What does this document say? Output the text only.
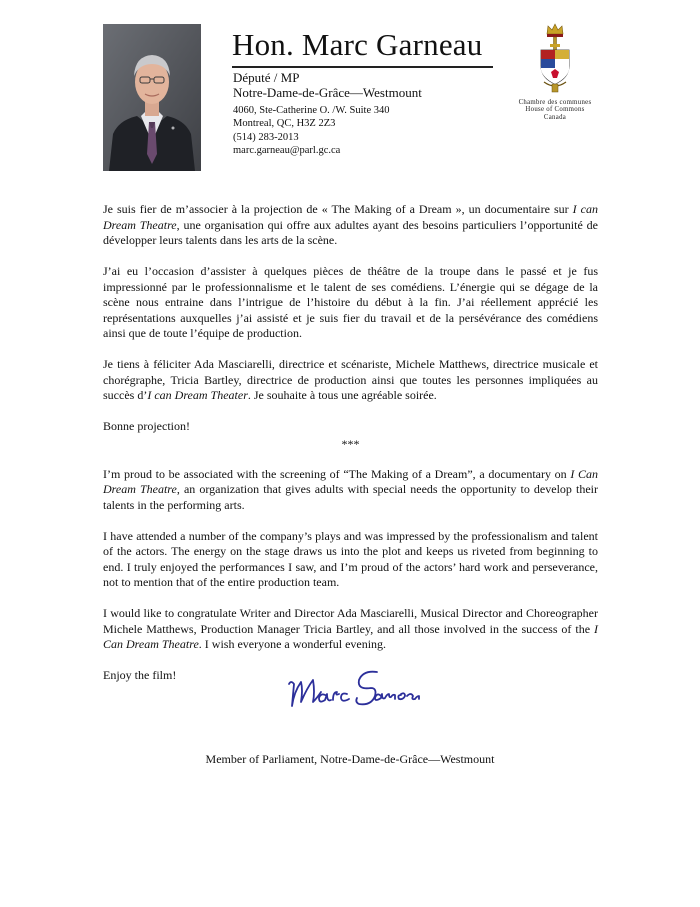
Hon. Marc Garneau
Député / MP
Notre-Dame-de-Grâce—Westmount
4060, Ste-Catherine O. /W. Suite 340
Montreal, QC, H3Z 2Z3
(514) 283-2013
marc.garneau@parl.gc.ca
Chambre des communes
House of Commons
Canada

Je suis fier de m’associer à la projection de « The Making of a Dream », un documentaire sur I can Dream Theatre, une organisation qui offre aux adultes ayant des besoins particuliers l’opportunité de développer leurs talents dans les arts de la scène.

J’ai eu l’occasion d’assister à quelques pièces de théâtre de la troupe dans le passé et je fus impressionné par le professionnalisme et le talent de ses comédiens. L’énergie qui se dégage de la scène nous entraine dans l’intrigue de l’histoire du début à la fin. J’ai réellement apprécié les représentations auxquelles j’ai assisté et je suis fier du travail et de la persévérance des comédiens ainsi que de toute l’équipe de production.

Je tiens à féliciter Ada Masciarelli, directrice et scénariste, Michele Matthews, directrice musicale et chorégraphe, Tricia Bartley, directrice de production ainsi que toutes les personnes impliquées au succès d’I can Dream Theater. Je souhaite à tous une agréable soirée.

Bonne projection!

***

I’m proud to be associated with the screening of “The Making of a Dream”, a documentary on I Can Dream Theatre, an organization that gives adults with special needs the opportunity to develop their talents in the performing arts.

I have attended a number of the company’s plays and was impressed by the professionalism and talent of the actors. The energy on the stage draws us into the plot and keeps us riveted from beginning to end. I truly enjoyed the performances I saw, and I’m proud of the actors’ hard work and perseverance, not to mention that of the entire production team.

I would like to congratulate Writer and Director Ada Masciarelli, Musical Director and Choreographer Michele Matthews, Production Manager Tricia Bartley, and all those involved in the success of the I Can Dream Theatre. I wish everyone a wonderful evening.

Enjoy the film!

Member of Parliament, Notre-Dame-de-Grâce—Westmount
